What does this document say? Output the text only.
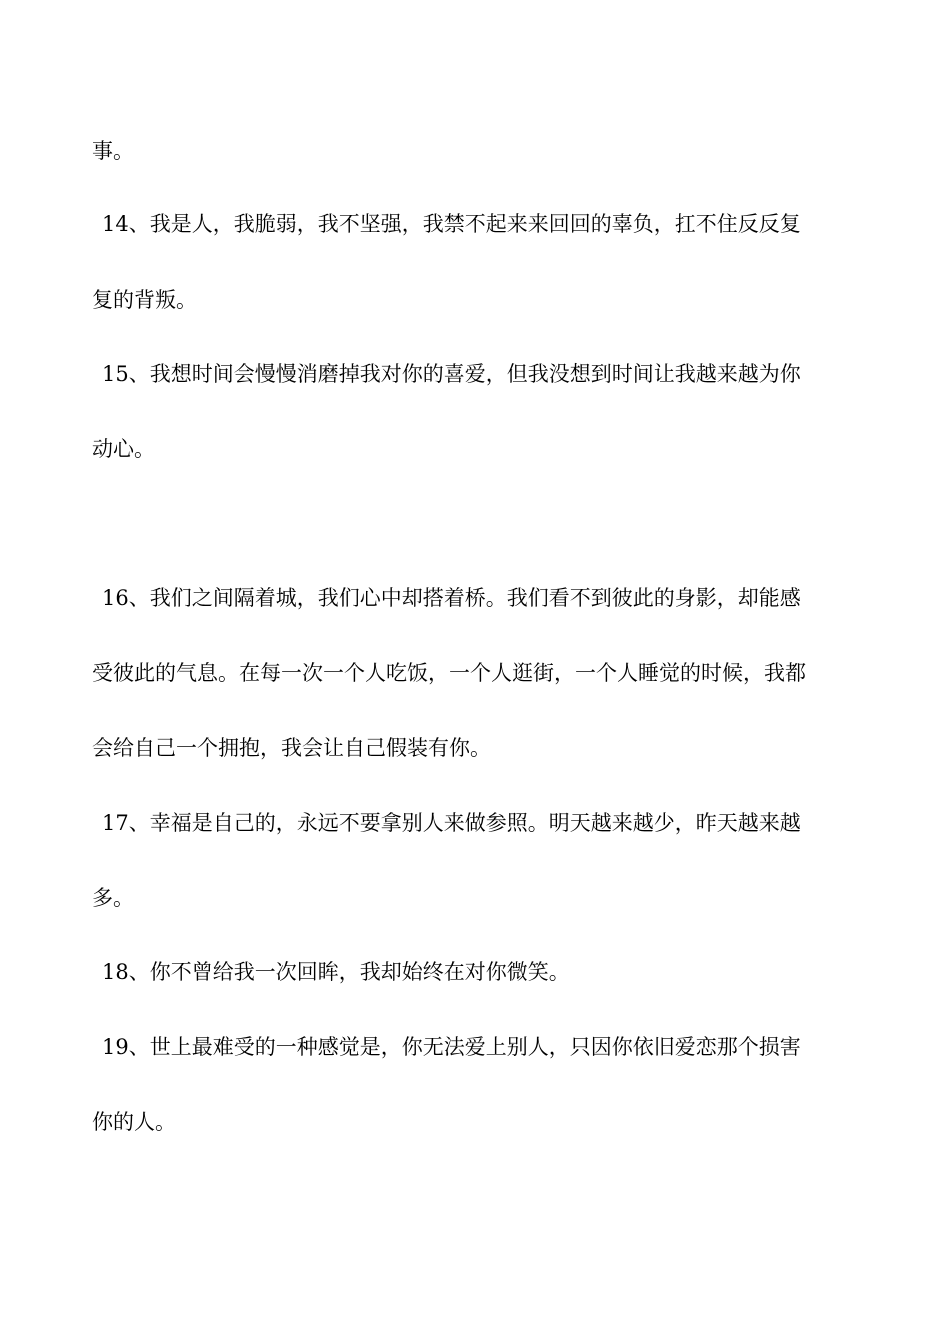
事。
14、我是人，我脆弱，我不坚强，我禁不起来来回回的辜负，扛不住反反复
复的背叛。
15、我想时间会慢慢消磨掉我对你的喜爱，但我没想到时间让我越来越为你
动心。
16、我们之间隔着城，我们心中却搭着桥。我们看不到彼此的身影，却能感
受彼此的气息。在每一次一个人吃饭，一个人逛街，一个人睡觉的时候，我都
会给自己一个拥抱，我会让自己假装有你。
17、幸福是自己的，永远不要拿别人来做参照。明天越来越少，昨天越来越
多。
18、你不曾给我一次回眸，我却始终在对你微笑。
19、世上最难受的一种感觉是，你无法爱上别人，只因你依旧爱恋那个损害
你的人。
